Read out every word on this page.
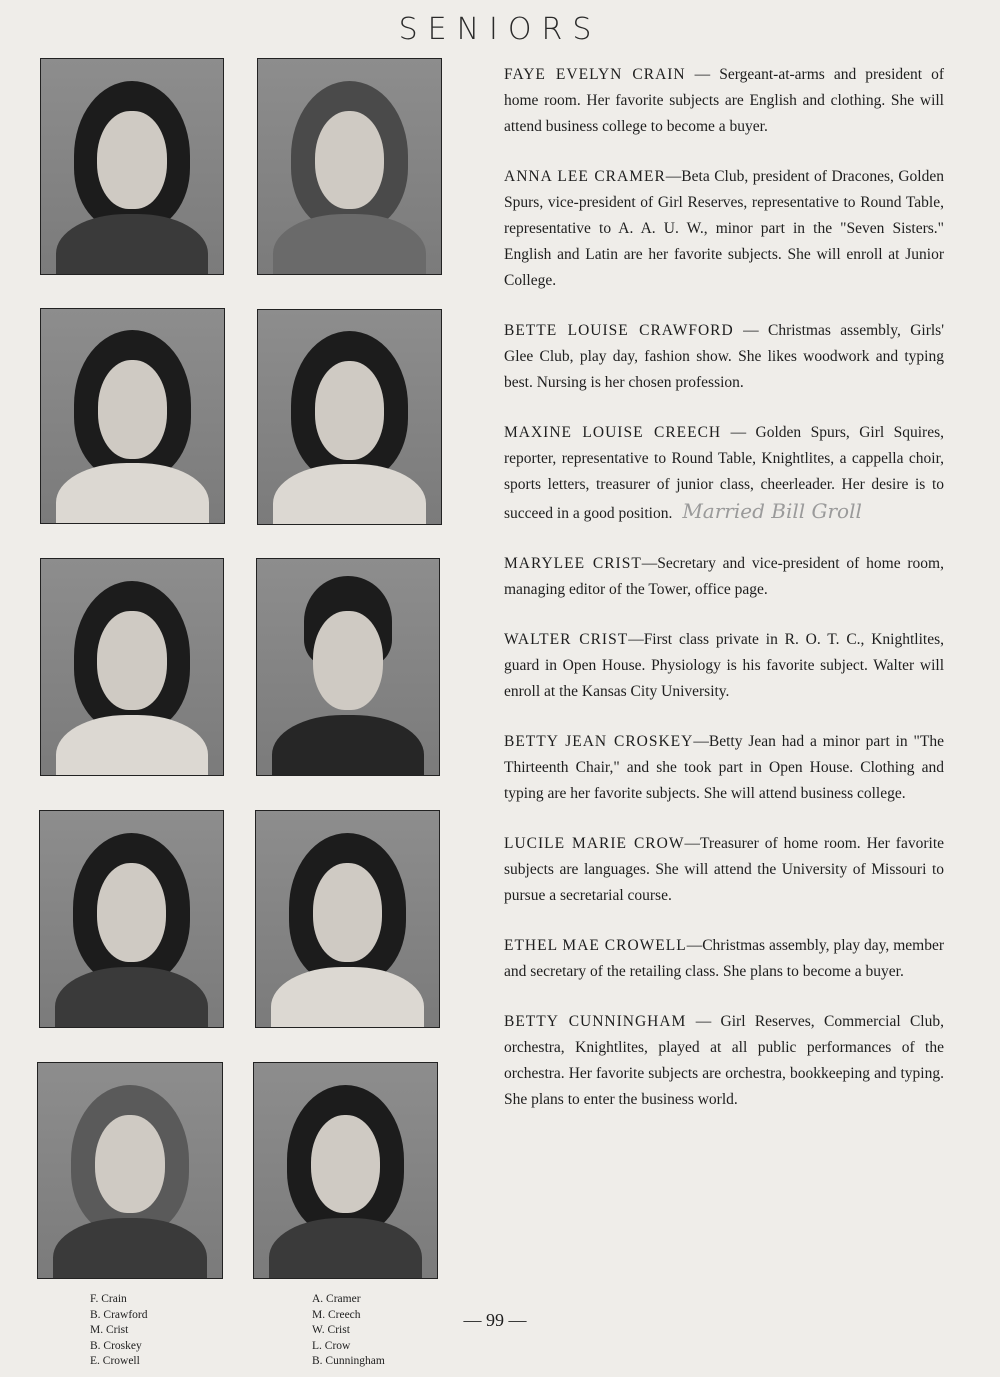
SENIORS

FAYE EVELYN CRAIN — Sergeant-at-arms and president of home room. Her favorite subjects are English and clothing. She will attend business college to become a buyer.

ANNA LEE CRAMER—Beta Club, president of Dracones, Golden Spurs, vice-president of Girl Reserves, representative to Round Table, representative to A. A. U. W., minor part in the "Seven Sisters." English and Latin are her favorite subjects. She will enroll at Junior College.

BETTE LOUISE CRAWFORD — Christmas assembly, Girls' Glee Club, play day, fashion show. She likes woodwork and typing best. Nursing is her chosen profession.

MAXINE LOUISE CREECH — Golden Spurs, Girl Squires, reporter, representative to Round Table, Knightlites, a cappella choir, sports letters, treasurer of junior class, cheerleader. Her desire is to succeed in a good position. Married Bill Groll

MARYLEE CRIST—Secretary and vice-president of home room, managing editor of the Tower, office page.

WALTER CRIST—First class private in R. O. T. C., Knightlites, guard in Open House. Physiology is his favorite subject. Walter will enroll at the Kansas City University.

BETTY JEAN CROSKEY—Betty Jean had a minor part in "The Thirteenth Chair," and she took part in Open House. Clothing and typing are her favorite subjects. She will attend business college.

LUCILE MARIE CROW—Treasurer of home room. Her favorite subjects are languages. She will attend the University of Missouri to pursue a secretarial course.

ETHEL MAE CROWELL—Christmas assembly, play day, member and secretary of the retailing class. She plans to become a buyer.

BETTY CUNNINGHAM — Girl Reserves, Commercial Club, orchestra, Knightlites, played at all public performances of the orchestra. Her favorite subjects are orchestra, bookkeeping and typing. She plans to enter the business world.

F. Crain
B. Crawford
M. Crist
B. Croskey
E. Crowell
A. Cramer
M. Creech
W. Crist
L. Crow
B. Cunningham
— 99 —
